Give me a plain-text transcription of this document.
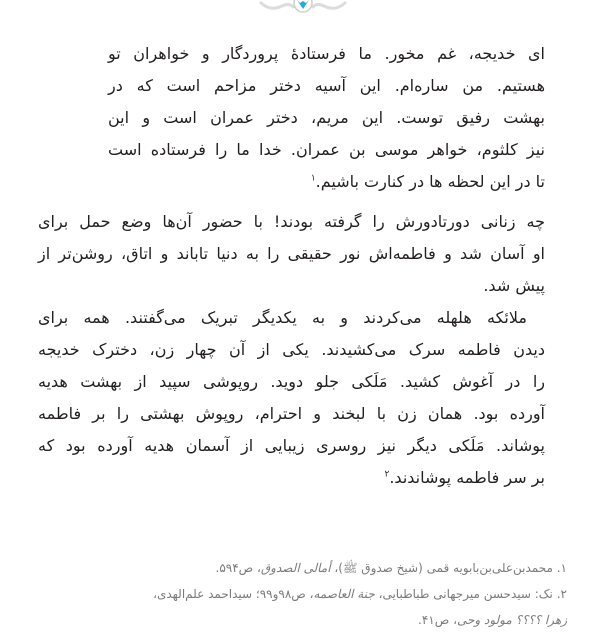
ای خدیجه، غم مخور. ما فرستادۀ پروردگار و خواهران تو
هستیم. من ساره‌ام. این آسیه دختر مزاحم است که در
بهشت رفیق توست. این مریم، دختر عمران است و این
نیز کلثوم، خواهر موسی بن عمران. خدا ما را فرستاده است
تا در این لحظه ها در کنارت باشیم.$^۱$
چه زنانی دورتادورش را گرفته بودند! با حضور آن‌ها وضع حمل برای
او آسان شد و فاطمه‌اش نور حقیقی را به دنیا تاباند و اتاق، روشن‌تر از
پیش شد.
ملائکه هلهله می‌کردند و به یکدیگر تبریک می‌گفتند. همه برای
دیدن فاطمه سرک می‌کشیدند. یکی از آن چهار زن، دخترک خدیجه
را در آغوش کشید. مَلَکی جلو دوید. روپوشی سپید از بهشت هدیه
آورده بود. همان زن با لبخند و احترام، روپوش بهشتی را بر فاطمه
پوشاند. مَلَکی دیگر نیز روسری زیبایی از آسمان هدیه آورده بود که
بر سر فاطمه پوشاندند.$^۲$
۱. محمدبن‌علی‌بن‌بابویه قمی (شیخ صدوق ﷺ)، أمالی الصدوق، ص۵۹۴.
۲. نک: سیدحسن میرجهانی طباطبایی، جنة العاصمه، ص۹۸و۹۹؛ سیداحمد علم‌الهدی،
زهرا ؟؟؟؟ مولود وحی، ص۴۱.
